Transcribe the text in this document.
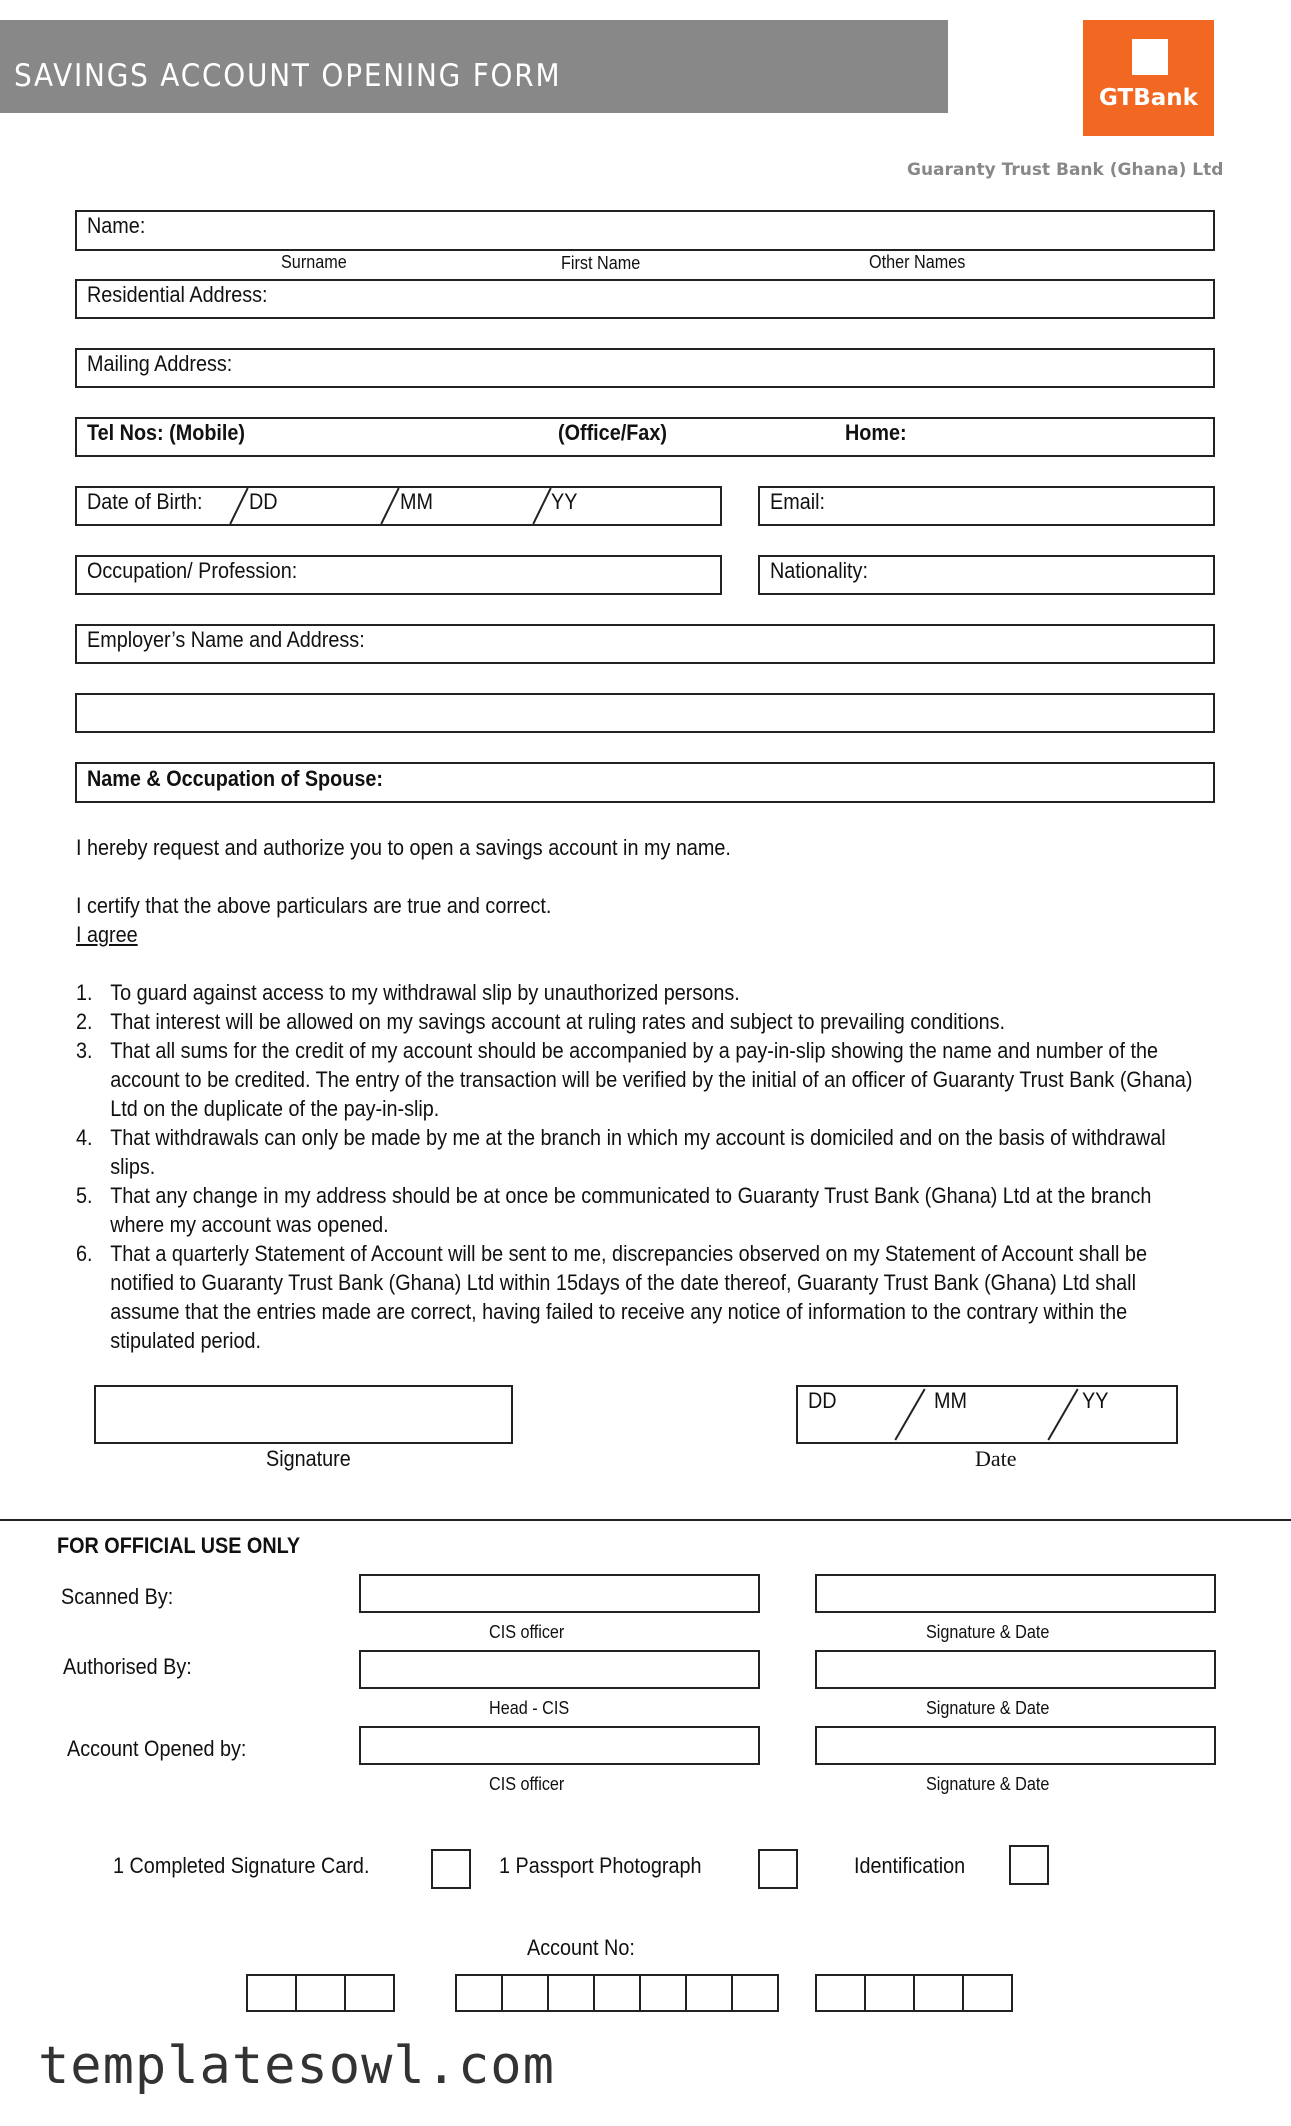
SAVINGS ACCOUNT OPENING FORM
GTBank
Guaranty Trust Bank (Ghana) Ltd
Name:
Surname	First Name	Other Names
Residential Address:
Mailing Address:
Tel Nos: (Mobile)	(Office/Fax)	Home:
Date of Birth: DD	MM	YY	Email:
Occupation/ Profession:	Nationality:
Employer’s Name and Address:
Name & Occupation of Spouse:
I hereby request and authorize you to open a savings account in my name.
I certify that the above particulars are true and correct.
I agree
1. To guard against access to my withdrawal slip by unauthorized persons.
2. That interest will be allowed on my savings account at ruling rates and subject to prevailing conditions.
3. That all sums for the credit of my account should be accompanied by a pay-in-slip showing the name and number of the account to be credited. The entry of the transaction will be verified by the initial of an officer of Guaranty Trust Bank (Ghana) Ltd on the duplicate of the pay-in-slip.
4. That withdrawals can only be made by me at the branch in which my account is domiciled and on the basis of withdrawal slips.
5. That any change in my address should be at once be communicated to Guaranty Trust Bank (Ghana) Ltd at the branch where my account was opened.
6. That a quarterly Statement of Account will be sent to me, discrepancies observed on my Statement of Account shall be notified to Guaranty Trust Bank (Ghana) Ltd within 15days of the date thereof, Guaranty Trust Bank (Ghana) Ltd shall assume that the entries made are correct, having failed to receive any notice of information to the contrary within the stipulated period.
Signature
DD	MM	YY
Date
FOR OFFICIAL USE ONLY
Scanned By:
CIS officer	Signature & Date
Authorised By:
Head - CIS	Signature & Date
Account Opened by:
CIS officer	Signature & Date
1 Completed Signature Card.	1 Passport Photograph	Identification
Account No:
templatesowl.com
